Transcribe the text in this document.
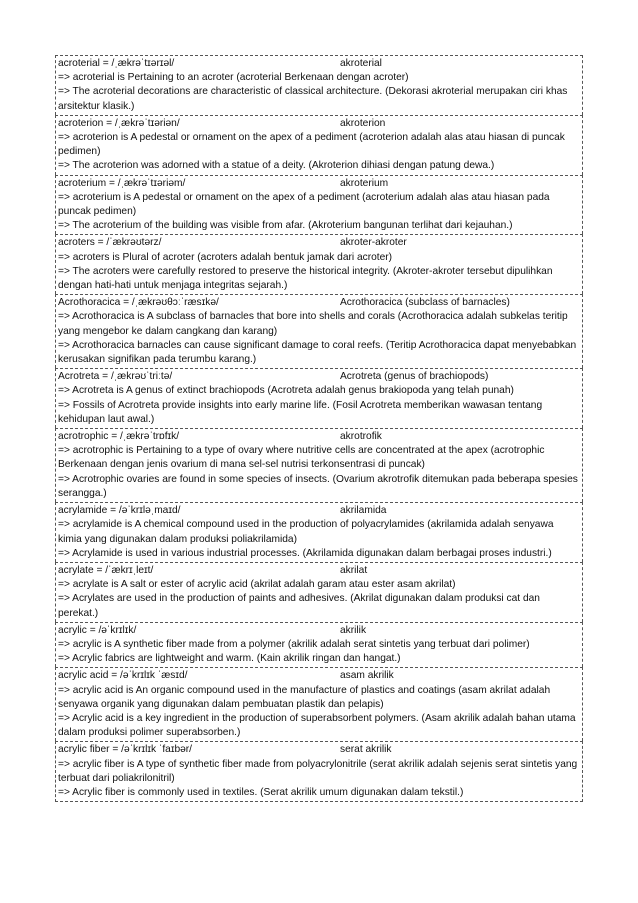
acroterial = /ˌækrəˈtɪərɪəl/	akroterial
=> acroterial is Pertaining to an acroter (acroterial Berkenaan dengan acroter)
=> The acroterial decorations are characteristic of classical architecture. (Dekorasi akroterial merupakan ciri khas arsitektur klasik.)
acroterion = /ˌækrəˈtɪəriən/	akroterion
=> acroterion is A pedestal or ornament on the apex of a pediment (acroterion adalah alas atau hiasan di puncak pedimen)
=> The acroterion was adorned with a statue of a deity. (Akroterion dihiasi dengan patung dewa.)
acroterium = /ˌækrəˈtɪəriəm/	akroterium
=> acroterium is A pedestal or ornament on the apex of a pediment (acroterium adalah alas atau hiasan pada puncak pedimen)
=> The acroterium of the building was visible from afar. (Akroterium bangunan terlihat dari kejauhan.)
acroters = /ˈækrəʊtərz/	akroter-akroter
=> acroters is Plural of acroter (acroters adalah bentuk jamak dari acroter)
=> The acroters were carefully restored to preserve the historical integrity. (Akroter-akroter tersebut dipulihkan dengan hati-hati untuk menjaga integritas sejarah.)
Acrothoracica = /ˌækrəʊθɔːˈræsɪkə/	Acrothoracica (subclass of barnacles)
=> Acrothoracica is A subclass of barnacles that bore into shells and corals (Acrothoracica adalah subkelas teritip yang mengebor ke dalam cangkang dan karang)
=> Acrothoracica barnacles can cause significant damage to coral reefs. (Teritip Acrothoracica dapat menyebabkan kerusakan signifikan pada terumbu karang.)
Acrotreta = /ˌækrəʊˈtriːtə/	Acrotreta (genus of brachiopods)
=> Acrotreta is A genus of extinct brachiopods (Acrotreta adalah genus brakiopoda yang telah punah)
=> Fossils of Acrotreta provide insights into early marine life. (Fosil Acrotreta memberikan wawasan tentang kehidupan laut awal.)
acrotrophic = /ˌækrəˈtrɒfɪk/	akrotrofik
=> acrotrophic is Pertaining to a type of ovary where nutritive cells are concentrated at the apex (acrotrophic Berkenaan dengan jenis ovarium di mana sel-sel nutrisi terkonsentrasi di puncak)
=> Acrotrophic ovaries are found in some species of insects. (Ovarium akrotrofik ditemukan pada beberapa spesies serangga.)
acrylamide = /əˈkrɪləˌmaɪd/	akrilamida
=> acrylamide is A chemical compound used in the production of polyacrylamides (akrilamida adalah senyawa kimia yang digunakan dalam produksi poliakrilamida)
=> Acrylamide is used in various industrial processes. (Akrilamida digunakan dalam berbagai proses industri.)
acrylate = /ˈækrɪˌleɪt/	akrilat
=> acrylate is A salt or ester of acrylic acid (akrilat adalah garam atau ester asam akrilat)
=> Acrylates are used in the production of paints and adhesives. (Akrilat digunakan dalam produksi cat dan perekat.)
acrylic = /əˈkrɪlɪk/	akrilik
=> acrylic is A synthetic fiber made from a polymer (akrilik adalah serat sintetis yang terbuat dari polimer)
=> Acrylic fabrics are lightweight and warm. (Kain akrilik ringan dan hangat.)
acrylic acid = /əˈkrɪlɪk ˈæsɪd/	asam akrilik
=> acrylic acid is An organic compound used in the manufacture of plastics and coatings (asam akrilat adalah senyawa organik yang digunakan dalam pembuatan plastik dan pelapis)
=> Acrylic acid is a key ingredient in the production of superabsorbent polymers. (Asam akrilik adalah bahan utama dalam produksi polimer superabsorben.)
acrylic fiber = /əˈkrɪlɪk ˈfaɪbər/	serat akrilik
=> acrylic fiber is A type of synthetic fiber made from polyacrylonitrile (serat akrilik adalah sejenis serat sintetis yang terbuat dari poliakrilonitril)
=> Acrylic fiber is commonly used in textiles. (Serat akrilik umum digunakan dalam tekstil.)
